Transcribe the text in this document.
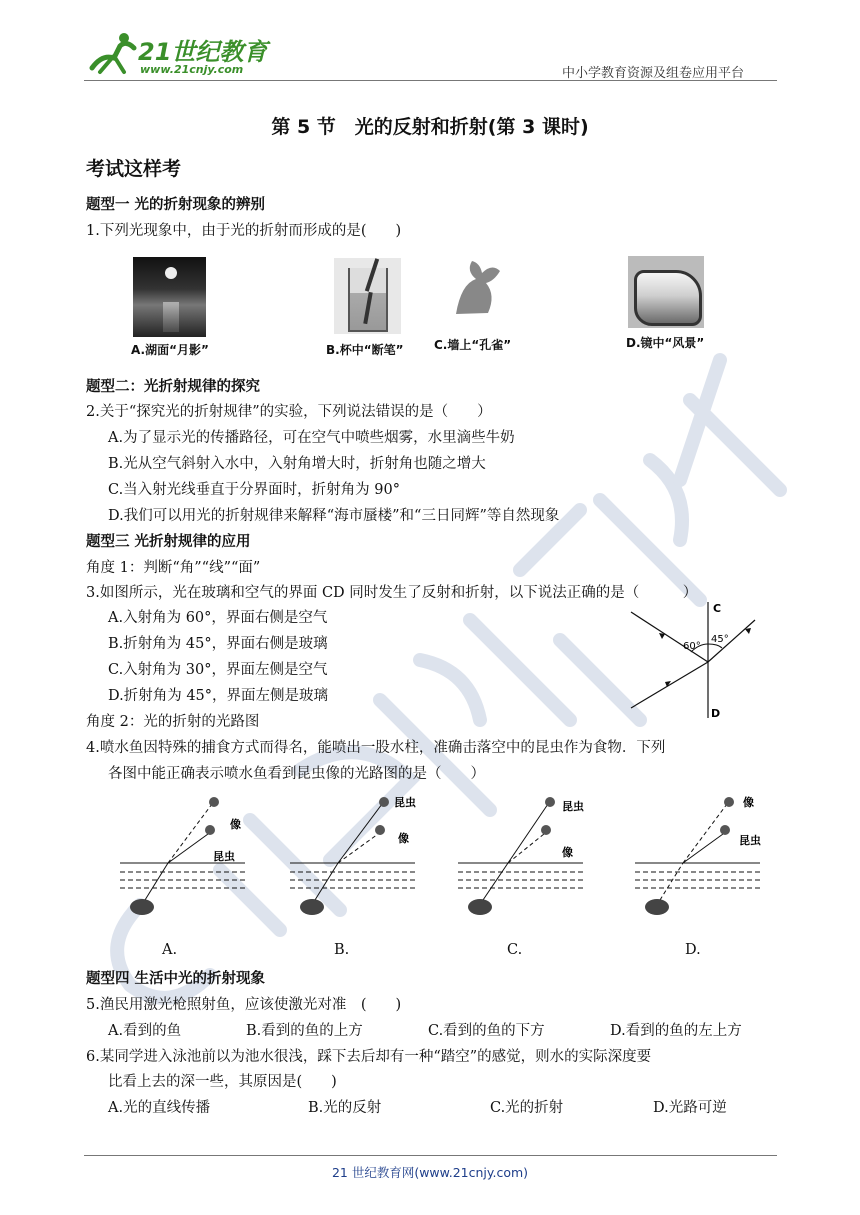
21世纪教育
www.21cnjy.com	中小学教育资源及组卷应用平台
第 5 节　光的反射和折射(第 3 课时)
考试这样考
题型一 光的折射现象的辨别
1.下列光现象中，由于光的折射而形成的是(　　)
A.湖面“月影”	B.杯中“断笔”	C.墙上“孔雀”	D.镜中“风景”
题型二：光折射规律的探究
2.关于“探究光的折射规律”的实验，下列说法错误的是（　　）
A.为了显示光的传播路径，可在空气中喷些烟雾，水里滴些牛奶
B.光从空气斜射入水中，入射角增大时，折射角也随之增大
C.当入射光线垂直于分界面时，折射角为 90°
D.我们可以用光的折射规律来解释“海市蜃楼”和“三日同辉”等自然现象
题型三 光折射规律的应用
角度 1：判断“角”“线”“面”
3.如图所示，光在玻璃和空气的界面 CD 同时发生了反射和折射，以下说法正确的是（　　　）
A.入射角为 60°，界面右侧是空气
B.折射角为 45°，界面右侧是玻璃
C.入射角为 30°，界面左侧是空气
D.折射角为 45°，界面左侧是玻璃
C
D
60°
45°
角度 2：光的折射的光路图
4.喷水鱼因特殊的捕食方式而得名，能喷出一股水柱，准确击落空中的昆虫作为食物．下列
各图中能正确表示喷水鱼看到昆虫像的光路图的是（　　）
昆虫
像
昆虫
像
昆虫
像
像
昆虫
A.	B.	C.	D.
题型四 生活中光的折射现象
5.渔民用激光枪照射鱼，应该使激光对准　(　　)
A.看到的鱼	B.看到的鱼的上方	C.看到的鱼的下方	D.看到的鱼的左上方
6.某同学进入泳池前以为池水很浅，踩下去后却有一种“踏空”的感觉，则水的实际深度要
比看上去的深一些，其原因是(　　)
A.光的直线传播	B.光的反射	C.光的折射	D.光路可逆
21 世纪教育网(www.21cnjy.com)
